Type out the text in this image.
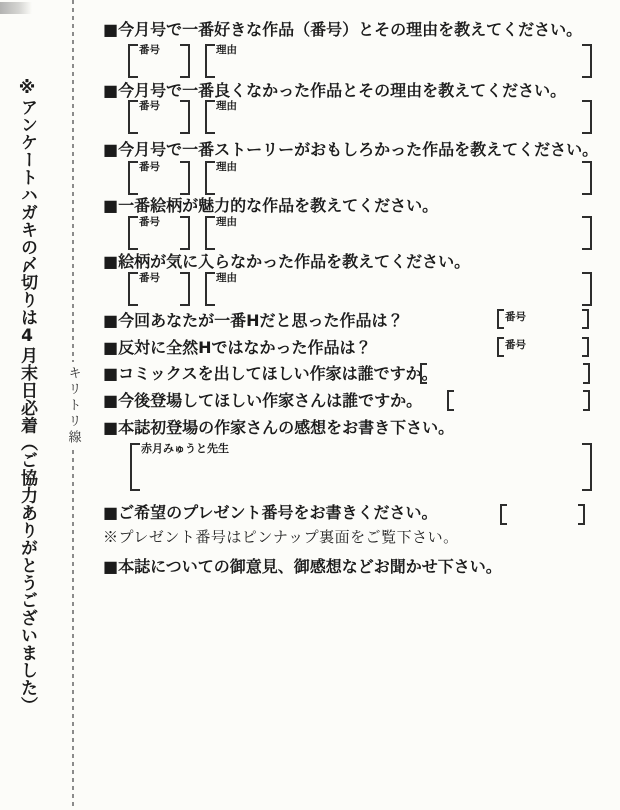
※アンケートハガキの〆切りは4月末日必着（ご協力ありがとうございました） キリトリ線
■今月号で一番好きな作品（番号）とその理由を教えてください。
番号	理由
■今月号で一番良くなかった作品とその理由を教えてください。
番号	理由
■今月号で一番ストーリーがおもしろかった作品を教えてください。
番号	理由
■一番絵柄が魅力的な作品を教えてください。
番号	理由
■絵柄が気に入らなかった作品を教えてください。
番号	理由
■今回あなたが一番Hだと思った作品は？	番号
■反対に全然Hではなかった作品は？	番号
■コミックスを出してほしい作家は誰ですか。
■今後登場してほしい作家さんは誰ですか。
■本誌初登場の作家さんの感想をお書き下さい。
赤月みゅうと先生
■ご希望のプレゼント番号をお書きください。
※プレゼント番号はピンナップ裏面をご覧下さい。
■本誌についての御意見、御感想などお聞かせ下さい。
